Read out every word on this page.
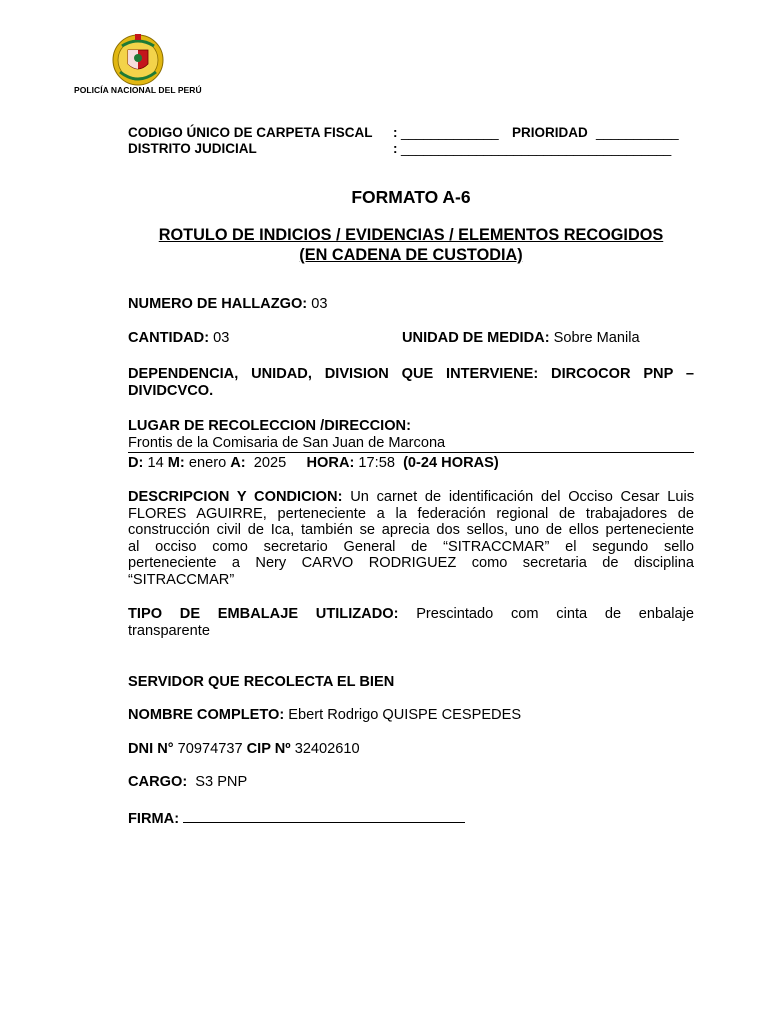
POLICÍA NACIONAL DEL PERÚ
CODIGO ÚNICO DE CARPETA FISCAL : _____________ PRIORIDAD ___________
DISTRITO JUDICIAL	: ____________________________________
FORMATO A-6
ROTULO DE INDICIOS / EVIDENCIAS / ELEMENTOS RECOGIDOS
(EN CADENA DE CUSTODIA)
NUMERO DE HALLAZGO: 03
CANTIDAD: 03	UNIDAD DE MEDIDA: Sobre Manila
DEPENDENCIA, UNIDAD, DIVISION QUE INTERVIENE: DIRCOCOR PNP –
DIVIDCVCO.
LUGAR DE RECOLECCION /DIRECCION:
Frontis de la Comisaria de San Juan de Marcona
D: 14 M: enero A: 2025 HORA: 17:58 (0-24 HORAS)
DESCRIPCION Y CONDICION: Un carnet de identificación del Occiso Cesar Luis
FLORES AGUIRRE, perteneciente a la federación regional de trabajadores de
construcción civil de Ica, también se aprecia dos sellos, uno de ellos perteneciente
al occiso como secretario General de “SITRACCMAR” el segundo sello
perteneciente a Nery CARVO RODRIGUEZ como secretaria de disciplina
“SITRACCMAR”
TIPO DE EMBALAJE UTILIZADO: Prescintado com cinta de enbalaje
transparente
SERVIDOR QUE RECOLECTA EL BIEN
NOMBRE COMPLETO: Ebert Rodrigo QUISPE CESPEDES
DNI N° 70974737 CIP Nº 32402610
CARGO: S3 PNP
FIRMA:
